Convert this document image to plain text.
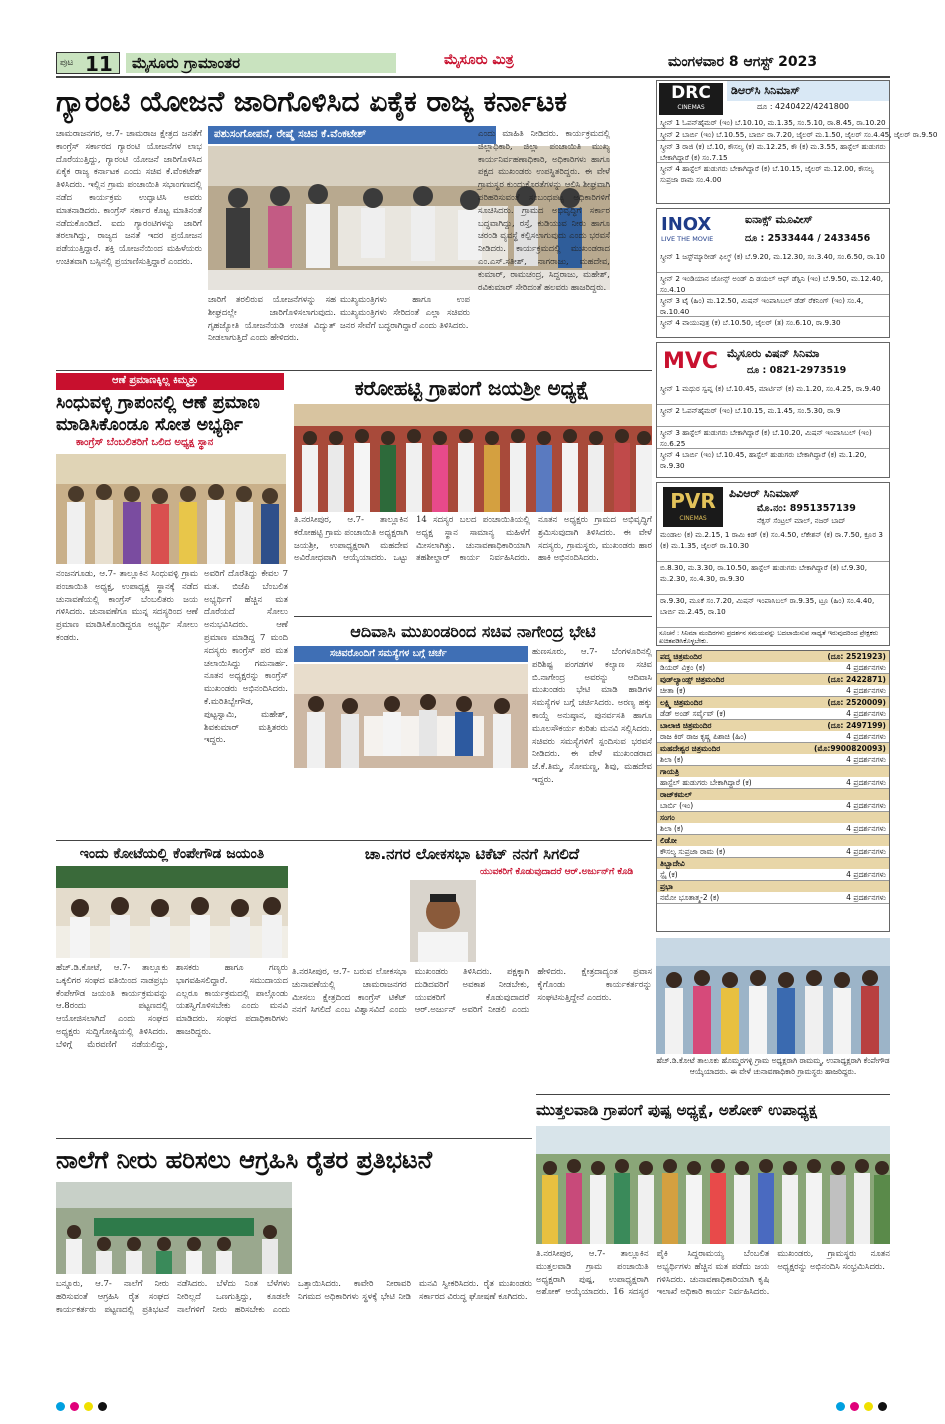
ಪುಟ 11	ಮೈಸೂರು ಗ್ರಾಮಾಂತರ	ಮೈಸೂರು ಮಿತ್ರ	ಮಂಗಳವಾರ 8 ಆಗಸ್ಟ್ 2023
ಗ್ಯಾರಂಟಿ ಯೋಜನೆ ಜಾರಿಗೊಳಿಸಿದ ಏಕೈಕ ರಾಜ್ಯ ಕರ್ನಾಟಕ
ಪಶುಸಂಗೋಪನೆ, ರೇಷ್ಮೆ ಸಚಿವ ಕೆ.ವೆಂಕಟೇಶ್
ಚಾಮರಾಜನಗರ, ಆ.7- ಚಾಮರಾಜ ಕ್ಷೇತ್ರದ ಜನತೆಗೆ ಕಾಂಗ್ರೆಸ್ ಸರ್ಕಾರದ ಗ್ಯಾರಂಟಿ ಯೋಜನೆಗಳ ಲಾಭ ದೊರೆಯುತ್ತಿದ್ದು, ಗ್ಯಾರಂಟಿ ಯೋಜನೆ ಜಾರಿಗೊಳಿಸಿದ ಏಕೈಕ ರಾಜ್ಯ ಕರ್ನಾಟಕ ಎಂದು ಸಚಿವ ಕೆ.ವೆಂಕಟೇಶ್ ತಿಳಿಸಿದರು. ಇಲ್ಲಿನ ಗ್ರಾಮ ಪಂಚಾಯಿತಿ ಸಭಾಂಗಣದಲ್ಲಿ ನಡೆದ ಕಾರ್ಯಕ್ರಮ ಉದ್ಘಾಟಿಸಿ ಅವರು ಮಾತನಾಡಿದರು. ಕಾಂಗ್ರೆಸ್ ಸರ್ಕಾರ ಕೊಟ್ಟ ಮಾತಿನಂತೆ ನಡೆದುಕೊಂಡಿದೆ. ಐದು ಗ್ಯಾರಂಟಿಗಳನ್ನು ಜಾರಿಗೆ ತರಲಾಗಿದ್ದು, ರಾಜ್ಯದ ಜನತೆ ಇದರ ಪ್ರಯೋಜನ ಪಡೆಯುತ್ತಿದ್ದಾರೆ. ಶಕ್ತಿ ಯೋಜನೆಯಿಂದ ಮಹಿಳೆಯರು ಉಚಿತವಾಗಿ ಬಸ್ಸಿನಲ್ಲಿ ಪ್ರಯಾಣಿಸುತ್ತಿದ್ದಾರೆ ಎಂದರು.
ಜಾರಿಗೆ ತರಲಿರುವ ಯೋಜನೆಗಳನ್ನು ಸಹ ಶೀಘ್ರದಲ್ಲೇ ಜಾರಿಗೊಳಿಸಲಾಗುವುದು. ಗೃಹಜ್ಯೋತಿ ಯೋಜನೆಯಡಿ ಉಚಿತ ವಿದ್ಯುತ್ ನೀಡಲಾಗುತ್ತಿದೆ ಎಂದು ಹೇಳಿದರು.
ಮುಖ್ಯಮಂತ್ರಿಗಳು ಹಾಗೂ ಉಪ ಮುಖ್ಯಮಂತ್ರಿಗಳು ಸೇರಿದಂತೆ ಎಲ್ಲಾ ಸಚಿವರು ಜನರ ಸೇವೆಗೆ ಬದ್ಧರಾಗಿದ್ದಾರೆ ಎಂದು ತಿಳಿಸಿದರು.
ಎಂದು ಮಾಹಿತಿ ನೀಡಿದರು. ಕಾರ್ಯಕ್ರಮದಲ್ಲಿ ಜಿಲ್ಲಾಧಿಕಾರಿ, ಜಿಲ್ಲಾ ಪಂಚಾಯಿತಿ ಮುಖ್ಯ ಕಾರ್ಯನಿರ್ವಹಣಾಧಿಕಾರಿ, ಅಧಿಕಾರಿಗಳು ಹಾಗೂ ಪಕ್ಷದ ಮುಖಂಡರು ಉಪಸ್ಥಿತರಿದ್ದರು. ಈ ವೇಳೆ ಗ್ರಾಮಸ್ಥರ ಕುಂದುಕೊರತೆಗಳನ್ನು ಆಲಿಸಿ ಶೀಘ್ರವಾಗಿ ಪರಿಹರಿಸುವಂತೆ ಸಂಬಂಧಪಟ್ಟ ಅಧಿಕಾರಿಗಳಿಗೆ ಸೂಚಿಸಿದರು. ಗ್ರಾಮದ ಅಭಿವೃದ್ಧಿಗೆ ಸರ್ಕಾರ ಬದ್ಧವಾಗಿದ್ದು, ರಸ್ತೆ, ಕುಡಿಯುವ ನೀರು ಹಾಗೂ ಚರಂಡಿ ವ್ಯವಸ್ಥೆ ಕಲ್ಪಿಸಲಾಗುವುದು ಎಂದು ಭರವಸೆ ನೀಡಿದರು. ಕಾರ್ಯಕ್ರಮದಲ್ಲಿ ಮುಖಂಡರಾದ ಎಂ.ಎಸ್.ಸತೀಶ್, ನಾಗರಾಜು, ಮಹದೇವ, ಕುಮಾರ್, ರಾಮಚಂದ್ರ, ಸಿದ್ದರಾಜು, ಮಹೇಶ್, ರವಿಕುಮಾರ್ ಸೇರಿದಂತೆ ಹಲವರು ಹಾಜರಿದ್ದರು.
ಆಣೆ ಪ್ರಮಾಣಕ್ಕಿಲ್ಲ ಕಿಮ್ಮತ್ತು
ಸಿಂಧುವಳ್ಳಿ ಗ್ರಾಪಂನಲ್ಲಿ ಆಣೆ ಪ್ರಮಾಣ
ಮಾಡಿಸಿಕೊಂಡೂ ಸೋತ ಅಭ್ಯರ್ಥಿ
ಕಾಂಗ್ರೆಸ್ ಬೆಂಬಲಿತರಿಗೆ ಒಲಿದ ಅಧ್ಯಕ್ಷ ಸ್ಥಾನ
ನಂಜನಗೂಡು, ಆ.7- ತಾಲ್ಲೂಕಿನ ಸಿಂಧುವಳ್ಳಿ ಗ್ರಾಮ ಪಂಚಾಯಿತಿ ಅಧ್ಯಕ್ಷ, ಉಪಾಧ್ಯಕ್ಷ ಸ್ಥಾನಕ್ಕೆ ನಡೆದ ಚುನಾವಣೆಯಲ್ಲಿ ಕಾಂಗ್ರೆಸ್ ಬೆಂಬಲಿತರು ಜಯ ಗಳಿಸಿದರು. ಚುನಾವಣೆಗೂ ಮುನ್ನ ಸದಸ್ಯರಿಂದ ಆಣೆ ಪ್ರಮಾಣ ಮಾಡಿಸಿಕೊಂಡಿದ್ದರೂ ಅಭ್ಯರ್ಥಿ ಸೋಲು ಕಂಡರು.
ಅವರಿಗೆ ದೊರೆತಿದ್ದು ಕೇವಲ 7 ಮತ. ಬಿಜೆಪಿ ಬೆಂಬಲಿತ ಅಭ್ಯರ್ಥಿಗೆ ಹೆಚ್ಚಿನ ಮತ ದೊರೆಯದೆ ಸೋಲು ಅನುಭವಿಸಿದರು. ಆಣೆ ಪ್ರಮಾಣ ಮಾಡಿದ್ದ 7 ಮಂದಿ ಸದಸ್ಯರು ಕಾಂಗ್ರೆಸ್ ಪರ ಮತ ಚಲಾಯಿಸಿದ್ದು ಗಮನಾರ್ಹ. ನೂತನ ಅಧ್ಯಕ್ಷರನ್ನು ಕಾಂಗ್ರೆಸ್ ಮುಖಂಡರು ಅಭಿನಂದಿಸಿದರು. ಕೆ.ಮರಿತಿಬ್ಬೇಗೌಡ, ಪುಟ್ಟಸ್ವಾಮಿ, ಮಹೇಶ್, ಶಿವಕುಮಾರ್ ಮತ್ತಿತರರು ಇದ್ದರು.
ಕರೋಹಟ್ಟಿ ಗ್ರಾಪಂಗೆ ಜಯಶ್ರೀ ಅಧ್ಯಕ್ಷೆ
ತಿ.ನರಸೀಪುರ, ಆ.7- ತಾಲ್ಲೂಕಿನ ಕರೋಹಟ್ಟಿ ಗ್ರಾಮ ಪಂಚಾಯಿತಿ ಅಧ್ಯಕ್ಷರಾಗಿ ಜಯಶ್ರೀ, ಉಪಾಧ್ಯಕ್ಷರಾಗಿ ಮಹದೇವ ಅವಿರೋಧವಾಗಿ ಆಯ್ಕೆಯಾದರು. ಒಟ್ಟು 14 ಸದಸ್ಯರ ಬಲದ ಪಂಚಾಯಿತಿಯಲ್ಲಿ ಅಧ್ಯಕ್ಷ ಸ್ಥಾನ ಸಾಮಾನ್ಯ ಮಹಿಳೆಗೆ ಮೀಸಲಾಗಿತ್ತು. ಚುನಾವಣಾಧಿಕಾರಿಯಾಗಿ ತಹಶೀಲ್ದಾರ್ ಕಾರ್ಯ ನಿರ್ವಹಿಸಿದರು. ನೂತನ ಅಧ್ಯಕ್ಷರು ಗ್ರಾಮದ ಅಭಿವೃದ್ಧಿಗೆ ಶ್ರಮಿಸುವುದಾಗಿ ತಿಳಿಸಿದರು. ಈ ವೇಳೆ ಸದಸ್ಯರು, ಗ್ರಾಮಸ್ಥರು, ಮುಖಂಡರು ಹಾರ ಹಾಕಿ ಅಭಿನಂದಿಸಿದರು.
ಆದಿವಾಸಿ ಮುಖಂಡರಿಂದ ಸಚಿವ ನಾಗೇಂದ್ರ ಭೇಟಿ
ಸಚಿವರೊಂದಿಗೆ ಸಮಸ್ಯೆಗಳ ಬಗ್ಗೆ ಚರ್ಚೆ	ಹುಣಸೂರು, ಆ.7- ಬೆಂಗಳೂರಿನಲ್ಲಿ ಪರಿಶಿಷ್ಟ ಪಂಗಡಗಳ ಕಲ್ಯಾಣ ಸಚಿವ ಬಿ.ನಾಗೇಂದ್ರ ಅವರನ್ನು ಆದಿವಾಸಿ ಮುಖಂಡರು ಭೇಟಿ ಮಾಡಿ ಹಾಡಿಗಳ ಸಮಸ್ಯೆಗಳ ಬಗ್ಗೆ ಚರ್ಚಿಸಿದರು. ಅರಣ್ಯ ಹಕ್ಕು ಕಾಯ್ದೆ ಅನುಷ್ಠಾನ, ಪುನರ್ವಸತಿ ಹಾಗೂ ಮೂಲಸೌಕರ್ಯ ಕುರಿತು ಮನವಿ ಸಲ್ಲಿಸಿದರು. ಸಚಿವರು ಸಮಸ್ಯೆಗಳಿಗೆ ಸ್ಪಂದಿಸುವ ಭರವಸೆ ನೀಡಿದರು. ಈ ವೇಳೆ ಮುಖಂಡರಾದ ಜೆ.ಕೆ.ತಿಮ್ಮ, ಸೋಮಣ್ಣ, ಶಿವು, ಮಹದೇವ ಇದ್ದರು.
ಇಂದು ಕೋಟೆಯಲ್ಲಿ ಕೆಂಪೇಗೌಡ ಜಯಂತಿ
ಹೆಚ್.ಡಿ.ಕೋಟೆ, ಆ.7- ತಾಲ್ಲೂಕು ಒಕ್ಕಲಿಗರ ಸಂಘದ ವತಿಯಿಂದ ನಾಡಪ್ರಭು ಕೆಂಪೇಗೌಡ ಜಯಂತಿ ಕಾರ್ಯಕ್ರಮವನ್ನು ಆ.8ರಂದು ಪಟ್ಟಣದಲ್ಲಿ ಆಯೋಜಿಸಲಾಗಿದೆ ಎಂದು ಸಂಘದ ಅಧ್ಯಕ್ಷರು ಸುದ್ದಿಗೋಷ್ಠಿಯಲ್ಲಿ ತಿಳಿಸಿದರು. ಬೆಳಿಗ್ಗೆ ಮೆರವಣಿಗೆ ನಡೆಯಲಿದ್ದು, ಶಾಸಕರು ಹಾಗೂ ಗಣ್ಯರು ಭಾಗವಹಿಸಲಿದ್ದಾರೆ. ಸಮುದಾಯದ ಎಲ್ಲರೂ ಕಾರ್ಯಕ್ರಮದಲ್ಲಿ ಪಾಲ್ಗೊಂಡು ಯಶಸ್ವಿಗೊಳಿಸಬೇಕು ಎಂದು ಮನವಿ ಮಾಡಿದರು. ಸಂಘದ ಪದಾಧಿಕಾರಿಗಳು ಹಾಜರಿದ್ದರು.
ಚಾ.ನಗರ ಲೋಕಸಭಾ ಟಿಕೆಟ್ ನನಗೆ ಸಿಗಲಿದೆ
ಯುವಕರಿಗೆ ಕೊಡುವುದಾದರೆ ಆರ್.ಅರ್ಜುನ್‌ಗೆ ಕೊಡಿ
ತಿ.ನರಸೀಪುರ, ಆ.7- ಬರುವ ಲೋಕಸಭಾ ಚುನಾವಣೆಯಲ್ಲಿ ಚಾಮರಾಜನಗರ ಮೀಸಲು ಕ್ಷೇತ್ರದಿಂದ ಕಾಂಗ್ರೆಸ್ ಟಿಕೆಟ್ ನನಗೆ ಸಿಗಲಿದೆ ಎಂಬ ವಿಶ್ವಾಸವಿದೆ ಎಂದು ಮುಖಂಡರು ತಿಳಿಸಿದರು. ಪಕ್ಷಕ್ಕಾಗಿ ದುಡಿದವರಿಗೆ ಅವಕಾಶ ನೀಡಬೇಕು, ಯುವಕರಿಗೆ ಕೊಡುವುದಾದರೆ ಆರ್.ಅರ್ಜುನ್ ಅವರಿಗೆ ನೀಡಲಿ ಎಂದು ಹೇಳಿದರು. ಕ್ಷೇತ್ರದಾದ್ಯಂತ ಪ್ರವಾಸ ಕೈಗೊಂಡು ಕಾರ್ಯಕರ್ತರನ್ನು ಸಂಘಟಿಸುತ್ತಿದ್ದೇನೆ ಎಂದರು.
DRC
CINEMAS
ಡಿಆರ್‌ಸಿ ಸಿನಿಮಾಸ್
ದೂ : 4240422/4241800
ಸ್ಕ್ರೀನ್ 1 ಓಪನ್‌ಹೈಮರ್ (ಇಂ) ಬೆ.10.10, ಮ.1.35, ಸಂ.5.10, ರಾ.8.45, ರಾ.10.20
ಸ್ಕ್ರೀನ್ 2 ಬಾರ್ಬಿ (ಇಂ) ಬೆ.10.55, ಬಾರ್ಬಿ ರಾ.7.20, ಜೈಲರ್ ಮ.1.50, ಜೈಲರ್ ಸಂ.4.45, ಜೈಲರ್ ರಾ.9.50
ಸ್ಕ್ರೀನ್ 3 ರಾಜಿ (ಕ) ಬೆ.10, ಕೌಸಲ್ಯ (ಕ) ಮ.12.25, ಕೌ (ಕ) ಮ.3.55, ಹಾಸ್ಟೆಲ್ ಹುಡುಗರು ಬೇಕಾಗಿದ್ದಾರೆ (ಕ) ಸಂ.7.15
ಸ್ಕ್ರೀನ್ 4 ಹಾಸ್ಟೆಲ್ ಹುಡುಗರು ಬೇಕಾಗಿದ್ದಾರೆ (ಕ) ಬೆ.10.15, ಜೈಲರ್ ಮ.12.00, ಕೌಸಲ್ಯ ಸುಪ್ರಜಾ ರಾಮ ಸಂ.4.00
INOX
LIVE THE MOVIE
ಐನಾಕ್ಸ್ ಮೂವೀಸ್
ದೂ : 2533444 / 2433456
ಸ್ಕ್ರೀನ್ 1 ಜಸ್ಟ್‌ಮ್ಯಾರೀಡ್ ಫಿಲ್ಮ್ (ಕ) ಬೆ.9.20, ಮ.12.30, ಸಂ.3.40, ಸಂ.6.50, ರಾ.10
ಸ್ಕ್ರೀನ್ 2 ಇಂಡಿಯಾನ ಜೋನ್ಸ್ ಅಂಡ್ ದಿ ಡಯಲ್ ಆಫ್ ಡೆಸ್ಟಿನಿ (ಇಂ) ಬೆ.9.50, ಮ.12.40, ಸಂ.4.10
ಸ್ಕ್ರೀನ್ 3 ಟೈ (ಹಿಂ) ಮ.12.50, ಮಿಷನ್ ಇಂಪಾಸಿಬಲ್ ಡೆಡ್ ರೆಕನಿಂಗ್ (ಇಂ) ಸಂ.4, ರಾ.10.40
ಸ್ಕ್ರೀನ್ 4 ವಾಯುಪುತ್ರ (ಕ) ಬೆ.10.50, ಜೈಲರ್ (ತ) ಸಂ.6.10, ರಾ.9.30
MVC ಮೈಸೂರು ವಿಷನ್ ಸಿನಿಮಾ
ದೂ : 0821-2973519
ಸ್ಕ್ರೀನ್ 1 ಮಧುರ ಸ್ವಪ್ನ (ಕ) ಬೆ.10.45, ಮಾರ್ಟಿನ್ (ಕ) ಮ.1.20, ಸಂ.4.25, ರಾ.9.40
ಸ್ಕ್ರೀನ್ 2 ಓಪನ್‌ಹೈಮರ್ (ಇಂ) ಬೆ.10.15, ಮ.1.45, ಸಂ.5.30, ರಾ.9
ಸ್ಕ್ರೀನ್ 3 ಹಾಸ್ಟೆಲ್ ಹುಡುಗರು ಬೇಕಾಗಿದ್ದಾರೆ (ಕ) ಬೆ.10.20, ಮಿಷನ್ ಇಂಪಾಸಿಬಲ್ (ಇಂ) ಸಂ.6.25
ಸ್ಕ್ರೀನ್ 4 ಬಾರ್ಬಿ (ಇಂ) ಬೆ.10.45, ಹಾಸ್ಟೆಲ್ ಹುಡುಗರು ಬೇಕಾಗಿದ್ದಾರೆ (ಕ) ಮ.1.20, ರಾ.9.30
PVR
CINEMAS
ಪಿವಿಆರ್ ಸಿನಿಮಾಸ್
ಮೊ.ನಂ: 8951357139
ನೆಕ್ಸಸ್ ಸೆಂಟ್ರಲ್ ಮಾಲ್, ನಜರ್ ಬಾದ್
ಮಂಡಾಲ (ಕ) ಮ.2.15, 1 ರಾಮಿ ಕಿಡ್ (ಕ) ಸಂ.4.50, ಲೆಕೇಶನ್ (ಕ) ರಾ.7.50, ಕ್ರೂರ 3 (ಕ) ಮ.1.35, ಜೈಲರ್ ರಾ.10.30
ಬಿ.8.30, ಮ.3.30, ರಾ.10.50, ಹಾಸ್ಟೆಲ್ ಹುಡುಗರು ಬೇಕಾಗಿದ್ದಾರೆ (ಕ) ಬೆ.9.30, ಮ.2.30, ಸಂ.4.30, ರಾ.9.30
ರಾ.9.30, ಮೂಕೆ ಸಂ.7.20, ಮಿಷನ್ ಇಂಪಾಸಿಬಲ್ ರಾ.9.35, ಟ್ರೂ (ಹಿಂ) ಸಂ.4.40, ಬಾರ್ಬಿ ಮ.2.45, ರಾ.10
ಸೂಚನೆ : ಸಿನಿಮಾ ಮಂದಿರಗಳು ಪ್ರದರ್ಶನ ಸಮಯವನ್ನು ಬದಲಾಯಿಸುವ ಸಾಧ್ಯತೆ ಇರುವುದರಿಂದ ಪ್ರೇಕ್ಷಕರು ಖಚಿತಪಡಿಸಿಕೊಳ್ಳಬೇಕು.
ಪದ್ಮ ಚಿತ್ರಮಂದಿರ	(ದೂ: 2521923)
ಡಿಯರ್ ವಿಕ್ರಂ (ಕ)	4 ಪ್ರದರ್ಶನಗಳು
ವುಡ್‌ಲ್ಯಾಂಡ್ಸ್ ಚಿತ್ರಮಂದಿರ	(ದೂ: 2422871)
ಚೀತಾ (ಕ)	4 ಪ್ರದರ್ಶನಗಳು
ಲಕ್ಷ್ಮಿ ಚಿತ್ರಮಂದಿರ	(ದೂ: 2520009)
ಡೆಡ್ ಅಂಡ್ ಸರ್ವೈವ್ (ಕ)	4 ಪ್ರದರ್ಶನಗಳು
ಬಾಲಾಜಿ ಚಿತ್ರಮಂದಿರ	(ದೂ: 2497199)
ರಾಜ ಕಿರ್ ರಾಜ ಕೃಷ್ಣ ಪಿಶಾಚಿ (ಹಿಂ)	4 ಪ್ರದರ್ಶನಗಳು
ಮಹದೇಶ್ವರ ಚಿತ್ರಮಂದಿರ	(ಮೊ:9900820093)
ಶಿಲಾ (ಕ)	4 ಪ್ರದರ್ಶನಗಳು
ಗಾಯತ್ರಿ
ಹಾಸ್ಟೆಲ್ ಹುಡುಗರು ಬೇಕಾಗಿದ್ದಾರೆ (ಕ)	4 ಪ್ರದರ್ಶನಗಳು
ರಾಜ್‌ಕಮಲ್
ಬಾರ್ಬಿ (ಇಂ)	4 ಪ್ರದರ್ಶನಗಳು
ಸಂಗಂ
ಶಿಲಾ (ಕ)	4 ಪ್ರದರ್ಶನಗಳು
ಲಿಡೋ
ಕೌಸಲ್ಯ ಸುಪ್ರಜಾ ರಾಮ (ಕ)	4 ಪ್ರದರ್ಶನಗಳು
ತಿಬ್ಬಾದೇವಿ
ಸ್ಪೈ (ಕ)	4 ಪ್ರದರ್ಶನಗಳು
ಪ್ರಭಾ
ನಮೋ ಭೂತಾತ್ಮ-2 (ಕ)	4 ಪ್ರದರ್ಶನಗಳು
ಹೆಚ್.ಡಿ.ಕೋಟೆ ತಾಲೂಕು ಹೊಮ್ಮರಗಳ್ಳಿ ಗ್ರಾಮ ಅಧ್ಯಕ್ಷರಾಗಿ ರಾಮಮ್ಮ, ಉಪಾಧ್ಯಕ್ಷರಾಗಿ ಕೆಂಪೇಗೌಡ ಆಯ್ಕೆಯಾದರು. ಈ ವೇಳೆ ಚುನಾವಣಾಧಿಕಾರಿ ಗ್ರಾಮಸ್ಥರು ಹಾಜರಿದ್ದರು.
ಮುತ್ತಲವಾಡಿ ಗ್ರಾಪಂಗೆ ಪುಷ್ಪ ಅಧ್ಯಕ್ಷೆ, ಅಶೋಕ್ ಉಪಾಧ್ಯಕ್ಷ
ತಿ.ನರಸೀಪುರ, ಆ.7- ತಾಲ್ಲೂಕಿನ ಮುತ್ತಲವಾಡಿ ಗ್ರಾಮ ಪಂಚಾಯಿತಿ ಅಧ್ಯಕ್ಷರಾಗಿ ಪುಷ್ಪ, ಉಪಾಧ್ಯಕ್ಷರಾಗಿ ಅಶೋಕ್ ಆಯ್ಕೆಯಾದರು. 16 ಸದಸ್ಯರ ಪೈಕಿ ಸಿದ್ದರಾಮಯ್ಯ ಬೆಂಬಲಿತ ಅಭ್ಯರ್ಥಿಗಳು ಹೆಚ್ಚಿನ ಮತ ಪಡೆದು ಜಯ ಗಳಿಸಿದರು. ಚುನಾವಣಾಧಿಕಾರಿಯಾಗಿ ಕೃಷಿ ಇಲಾಖೆ ಅಧಿಕಾರಿ ಕಾರ್ಯ ನಿರ್ವಹಿಸಿದರು. ಮುಖಂಡರು, ಗ್ರಾಮಸ್ಥರು ನೂತನ ಅಧ್ಯಕ್ಷರನ್ನು ಅಭಿನಂದಿಸಿ ಸಂಭ್ರಮಿಸಿದರು.
ನಾಲೆಗೆ ನೀರು ಹರಿಸಲು ಆಗ್ರಹಿಸಿ ರೈತರ ಪ್ರತಿಭಟನೆ
ಬನ್ನೂರು, ಆ.7- ನಾಲೆಗೆ ನೀರು ಹರಿಸುವಂತೆ ಆಗ್ರಹಿಸಿ ರೈತ ಸಂಘದ ಕಾರ್ಯಕರ್ತರು ಪಟ್ಟಣದಲ್ಲಿ ಪ್ರತಿಭಟನೆ ನಡೆಸಿದರು. ಬೆಳೆದು ನಿಂತ ಬೆಳೆಗಳು ನೀರಿಲ್ಲದೆ ಒಣಗುತ್ತಿದ್ದು, ಕೂಡಲೇ ನಾಲೆಗಳಿಗೆ ನೀರು ಹರಿಸಬೇಕು ಎಂದು ಒತ್ತಾಯಿಸಿದರು. ಕಾವೇರಿ ನೀರಾವರಿ ನಿಗಮದ ಅಧಿಕಾರಿಗಳು ಸ್ಥಳಕ್ಕೆ ಭೇಟಿ ನೀಡಿ ಮನವಿ ಸ್ವೀಕರಿಸಿದರು. ರೈತ ಮುಖಂಡರು ಸರ್ಕಾರದ ವಿರುದ್ಧ ಘೋಷಣೆ ಕೂಗಿದರು.
